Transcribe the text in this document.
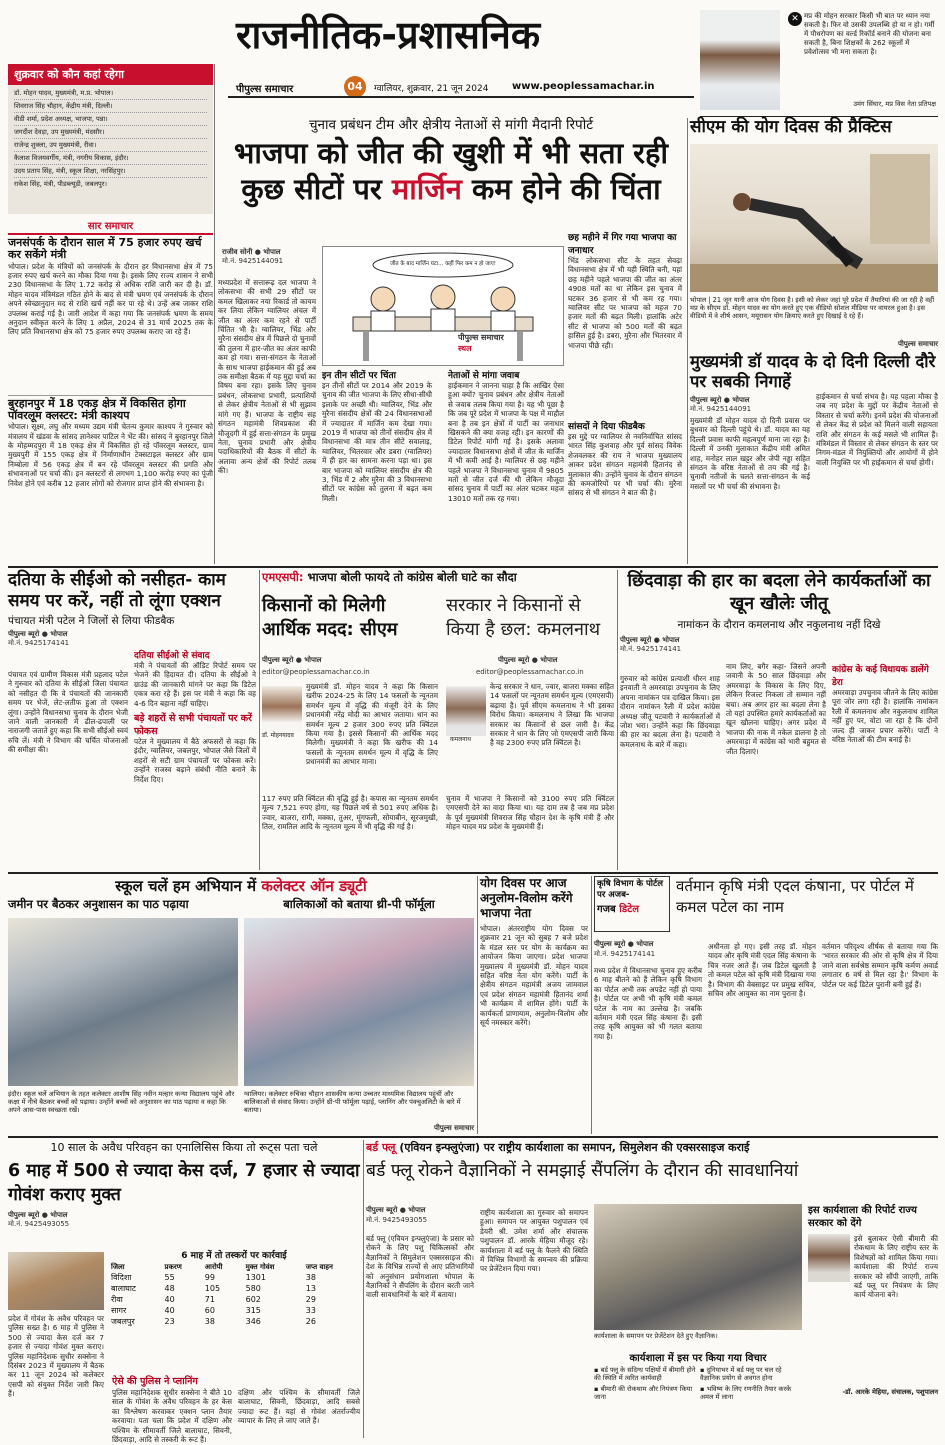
राजनीतिक-प्रशासनिक
पीपुल्स समाचार	04	ग्वालियर, शुक्रवार, 21 जून 2024 www.peoplessamachar.in
शुक्रवार को कौन कहां रहेगा
डॉ. मोहन यादव, मुख्यमंत्री, म.प्र. भोपाल।
शिवराज सिंह चौहान, केंद्रीय मंत्री, दिल्ली।
वीडी शर्मा, प्रदेश अध्यक्ष, भाजपा, पन्ना।
जगदीश देवड़ा, उप मुख्यमंत्री, मंदसौर।
राजेन्द्र शुक्ला, उप मुख्यमंत्री, रीवा।
कैलाश विजयवर्गीय, मंत्री, नगरीय विकास, इंदौर।
उदय प्रताप सिंह, मंत्री, स्कूल शिक्षा, नरसिंहपुर।
राकेश सिंह, मंत्री, पीडब्ल्यूडी, जबलपुर।
✕ मप्र की मोहन सरकार किसी भी बात पर ध्यान नया सकती है। फिर वो उसकी उपलब्धि हो या न हो। गर्मी में पौधरोपण का वर्ल्ड रिकॉर्ड बनाने की योजना बना सकती है, बिना शिक्षकों के 262 स्कूलों में प्रवेशोत्सव भी मना सकता है।
उमंग सिंघार, मप्र विस नेता प्रतिपक्ष
सार समाचार
जनसंपर्क के दौरान साल में 75 हजार रुपए खर्च कर सकेंगे मंत्री
भोपाल। प्रदेश के मंत्रियों को जनसंपर्क के दौरान हर विधानसभा क्षेत्र में 75 हजार रुपए खर्च करने का मौका दिया गया है। इसके लिए राज्य शासन ने सभी 230 विधानसभा के लिए 1.72 करोड़ से अधिक राशि जारी कर दी है। डॉ. मोहन यादव मंत्रिमंडल गठित होने के बाद से मंत्री भ्रमण एवं जनसंपर्क के दौरान अपने स्वेच्छानुदान मद से राशि खर्च नहीं कर पा रहे थे। उन्हें अब जाकर राशि उपलब्ध कराई गई है। जारी आदेश में कहा गया कि जनसंपर्क भ्रमण के समय अनुदान स्वीकृत करने के लिए 1 अप्रैल, 2024 से 31 मार्च 2025 तक के लिए प्रति विधानसभा क्षेत्र को 75 हजार रुपए उपलब्ध कराए जा रहे हैं।
बुरहानपुर में 18 एकड़ क्षेत्र में विकसित होगा पॉवरलूम क्लस्टर: मंत्री काश्यप
भोपाल। सूक्ष्म, लघु और मध्यम उद्यम मंत्री चेतन्य कुमार काश्यप ने गुरुवार को मंत्रालय में खंडवा के सांसद ज्ञानेश्वर पाटिल ने भेंट की। सांसद ने बुरहानपुर जिले के मोहम्मदपुरा में 18 एकड़ क्षेत्र में विकसित हो रहे पॉवरलूम क्लस्टर, ग्राम मुख्यपुरी में 155 एकड़ क्षेत्र में निर्माणाधीन टेक्सटाइल क्लस्टर और ग्राम निम्बोला में 56 एकड़ क्षेत्र में बन रहे पॉवरलूम क्लस्टर की प्रगति और संभावनाओं पर चर्चा की। इन क्लस्टरों से लगभग 1,100 करोड़ रुपए का पूंजी निवेश होने एवं करीब 12 हजार लोगों को रोजगार प्राप्त होने की संभावना है।
चुनाव प्रबंधन टीम और क्षेत्रीय नेताओं से मांगी मैदानी रिपोर्ट
भाजपा को जीत की खुशी में भी सता रही
कुछ सीटों पर मार्जिन कम होने की चिंता
राजीव सोनी ● भोपाल
मो.नं. 9425144091	जीत के बाद मार्जिन घटा... कहीं फिर कम न हो जाए!
पीपुल्स समाचार
स्थल
मध्यप्रदेश में सत्तारूढ़ दल भाजपा ने लोकसभा की सभी 29 सीटों पर कमल खिलाकर नया रिकार्ड तो कायम कर लिया लेकिन ग्वालियर अंचल में जीत का अंतर कम रहने से पार्टी चिंतित भी है। ग्वालियर, भिंड और मुरैना संसदीय क्षेत्र में पिछले दो चुनावों की तुलना में हार-जीत का अंतर काफी कम हो गया। सत्ता-संगठन के नेताओं के साथ भाजपा हाईकमान की हुई अब तक समीक्षा बैठक में यह मुद्दा चर्चा का विषय बना रहा। इसके लिए चुनाव प्रबंधन, लोकसभा प्रभारी, प्रत्याशियों से लेकर क्षेत्रीय नेताओं से भी सुझाव मांगे गए हैं। भाजपा के राष्ट्रीय सह संगठन महामंत्री शिवप्रकाश की मौजूदगी में हुई सत्ता-संगठन के प्रमुख नेता, चुनाव प्रभारी और क्षेत्रीय पदाधिकारियों की बैठक में सीटों के अलावा अन्य क्षेत्रों की रिपोर्ट तलब की।
इन तीन सीटों पर चिंता
इन तीनों सीटों पर 2014 और 2019 के चुनाव की जीत भाजपा के लिए सीधा-सीधी इलाके पर अच्छी थी। ग्वालियर, भिंड और मुरैना संसदीय क्षेत्रों की 24 विधानसभाओं में ज्यादातर में मार्जिन कम देखा गया। 2019 में भाजपा को तीनों संसदीय क्षेत्र में विधानसभा की मात्र तीन सीटें सवालाइ, ग्वालियर, भितरवार और डबरा (ग्वालियर) में ही हार का सामना करना पड़ा था। इस बार भाजपा को ग्वालियर संसदीय क्षेत्र की 3, भिंड में 2 और मुरैना की 3 विधानसभा सीटों पर कांग्रेस को तुलना में बढ़त कम मिली।
नेताओं से मांगा जवाब
हाईकमान ने जानना चाहा है कि आखिर ऐसा हुआ क्यों? चुनाव प्रबंधन और क्षेत्रीय नेताओं से जवाब तलब किया गया है। यह भी पूछा है कि जब पूरे प्रदेश में भाजपा के पक्ष में माहौल बना है तब इन क्षेत्रों में पार्टी का जनाधार खिसकने की क्या वजह रही। इन कारणों की डिटेल रिपोर्ट मांगी गई है। इसके अलावा ज्यादातर विधानसभा क्षेत्रों में जीत के मार्जिन में भी कमी आई है। ग्वालियर से छह महीने पहले भाजपा ने विधानसभा चुनाव में 9805 मतों से जीत दर्ज की थी लेकिन मौजूदा सांसद चुनाव में पार्टी का अंतर घटकर महज 13010 मतों तक रह गया।
छह महीने में गिर गया भाजपा का जनाधार
भिंड लोकसभा सीट के तहत सेवढ़ा विधानसभा क्षेत्र में भी यही स्थिति बनी, यहां छह महीने पहले भाजपा की जीत का अंतर 4908 मतों का था लेकिन इस चुनाव में घटकर 36 हजार से भी कम रह गया। ग्वालियर सीट पर भाजपा को महज 70 हजार मतों की बढ़त मिली। हालांकि अटेर सीट से भाजपा को 500 मतों की बढ़त हासिल हुई है। डबरा, मुरैना और भितरवार में भाजपा पीछे रही।
सांसदों ने दिया फीडबैक
इस मुद्दे पर ग्वालियर से नवनिर्वाचित सांसद भारत सिंह कुशवाह और पूर्व सांसद विवेक शेजवलकर की राय ने भाजपा मुख्यालय आकर प्रदेश संगठन महामंत्री हितानंद से मुलाकात की। उन्होंने चुनाव के दौरान संगठन की कमजोरियों पर भी चर्चा की। मुरैना सांसद से भी संगठन ने बात की है।
सीएम की योग दिवस की प्रैक्टिस
भोपाल | 21 जून यानी आज योग दिवस है। इसी को लेकर जहां पूरे प्रदेश में तैयारियां की जा रही है वहीं मप्र के सीएम डॉ. मोहन यादव का योग करते हुए एक वीडियो सोशल मीडिया पर वायरल हुआ है। इस वीडियो में वे शीर्ष आसन, मयूरासन योग क्रियाएं करते हुए दिखाई दे रहे हैं।
पीपुल्स समाचार
मुख्यमंत्री डॉ यादव के दो दिनी दिल्ली दौरे पर सबकी निगाहें
पीपुल्स ब्यूरो ● भोपाल
मो.नं. 9425144091
मुख्यमंत्री डॉ मोहन यादव दो दिनी प्रवास पर बुधवार को दिल्ली पहुंचे थे। डॉ. यादव का यह दिल्ली प्रवास काफी महत्वपूर्ण माना जा रहा है। दिल्ली में उनकी मुलाकात केंद्रीय मंत्री अमित शाह, मनोहर लाल खट्टर और जेपी नड्डा सहित संगठन के वरिष्ठ नेताओं से तय की गई है। चुनावी नतीजों के चलते सत्ता-संगठन के कई मसलों पर भी चर्चा की संभावना है।
हाईकमान से चर्चा संभव है। यह पहला मौका है जब नए प्रदेश के मुद्दों पर केंद्रीय नेताओं से विस्तार से चर्चा करेंगे। इनमें प्रदेश की योजनाओं से लेकर केंद्र से प्रदेश को मिलने वाली सहायता राशि और संगठन के कई मसले भी शामिल हैं। मंत्रिमंडल में विस्तार से लेकर संगठन के स्तर पर निगम-मंडल में नियुक्तियों और आयोगों में होने वाली नियुक्ति पर भी हाईकमान से चर्चा होगी।
दतिया के सीईओ को नसीहत- काम समय पर करें, नहीं तो लूंगा एक्शन
पंचायत मंत्री पटेल ने जिलों से लिया फीडबैक
पीपुल्स ब्यूरो ● भोपाल
मो.नं. 9425174141
पंचायत एवं ग्रामीण विकास मंत्री प्रहलाद पटेल ने गुरुवार को दतिया के सीईओ जिला पंचायत को नसीहत दी कि वे पंचायतों की जानकारी समय पर भेजें, लेट-लतीफ हुआ तो एक्शन लूंगा। उन्होंने विधानसभा चुनाव के दौरान भेजी जाने वाली जानकारी में ढील-ढपाली पर नाराजगी जताते हुए कहा कि सभी सीईओ स्वयं रुचि लें। मंत्री ने विभाग की चर्चित योजनाओं की समीक्षा की।
दतिया सीईओ से संवाद
मंत्री ने पंचायतों की ऑडिट रिपोर्ट समय पर भेजने की हिदायत दी। दतिया के सीईओ ने ग्राउंड की जानकारी मांगने पर कहा कि डिटेल एकत्र करा रहे हैं। इस पर मंत्री ने कहा कि वह 4-6 दिन बहाना नहीं चाहिए।
बड़े शहरों से सभी पंचायतों पर करें फोकस
पटेल ने मुख्यालय में बैठे अफसरों से कहा कि इंदौर, ग्वालियर, जबलपुर, भोपाल जैसे जिलों में शहरों से सटी ग्राम पंचायतों पर फोकस करें। उन्होंने राजस्व बढ़ाने संबंधी नीति बनाने के निर्देश दिए।
एमएसपी: भाजपा बोली फायदे तो कांग्रेस बोली घाटे का सौदा
किसानों को मिलेगी आर्थिक मदद: सीएम
सरकार ने किसानों से किया है छल: कमलनाथ
पीपुल्स ब्यूरो ● भोपाल
editor@peoplessamachar.co.in
पीपुल्स ब्यूरो ● भोपाल
editor@peoplessamachar.co.in
डॉ. मोहनयादव
मुख्यमंत्री डॉ. मोहन यादव ने कहा कि किसान खरीफ 2024-25 के लिए 14 फसलों के न्यूनतम समर्थन मूल्य में वृद्धि की मंजूरी देने के लिए प्रधानमंत्री नरेंद्र मोदी का आभार जताया। धान का समर्थन मूल्य 2 हजार 300 रुपए प्रति क्विंटल किया गया है। इससे किसानों की आर्थिक मदद मिलेगी। मुख्यमंत्री ने कहा कि खरीफ की 14 फसलों के न्यूनतम समर्थन मूल्य में वृद्धि के लिए प्रधानमंत्री का आभार माना।
117 रुपए प्रति क्विंटल की वृद्धि हुई है। कपास का न्यूनतम समर्थन मूल्य 7,521 रुपए होगा, यह पिछले वर्ष से 501 रुपए अधिक है। ज्वार, बाजरा, रागी, मक्का, तुअर, मूंगफली, सोयाबीन, सूरजमुखी, तिल, रामतिल आदि के न्यूनतम मूल्य में भी वृद्धि की गई है।
कमलनाथ
केन्द्र सरकार ने धान, ज्वार, बाजरा मक्का सहित 14 फसलों पर न्यूनतम समर्थन मूल्य (एमएसपी) बढ़ाया है। पूर्व सीएम कमलनाथ ने भी इसका विरोध किया। कमलनाथ ने लिखा कि भाजपा सरकार का किसानों से छल जारी है। केंद्र सरकार ने धान के लिए जो एमएसपी जारी किया है वह 2300 रुपए प्रति क्विंटल है।
चुनाव में भाजपा ने किसानों को 3100 रुपए प्रति क्विंटल एमएसपी देने का वादा किया था। यह दाम तब है जब मप्र प्रदेश के पूर्व मुख्यमंत्री शिवराज सिंह चौहान देश के कृषि मंत्री हैं और मोहन यादव मप्र प्रदेश के मुख्यमंत्री हैं।
छिंदवाड़ा की हार का बदला लेने कार्यकर्ताओं का खून खौलेः जीतू
नामांकन के दौरान कमलनाथ और नकुलनाथ नहीं दिखे
पीपुल्स ब्यूरो ● भोपाल
मो.नं. 9425174141
गुरुवार को कांग्रेस प्रत्याशी धीरन शाह इनवाती ने अमरवाड़ा उपचुनाव के लिए अपना नामांकन पत्र दाखिल किया। इस दौरान नामांकन रैली में प्रदेश कांग्रेस अध्यक्ष जीतू पटवारी ने कार्यकर्ताओं में जोश भरा। उन्होंने कहा कि छिंदवाड़ा की हार का बदला लेना है। पटवारी ने कमलनाथ के बारे में कहा।
नाम लिए, बगैर कहा- जिसने अपनी जवानी के 50 साल छिंदवाड़ा और अमरवाड़ा के विकास के लिए दिए, लेकिन रिजल्ट निकला तो सम्मान नहीं बचा। अब अगर हार का बदला लेना है तो यहां उपस्थित हमारे कार्यकर्ताओं का खून खौलना चाहिए। अगर प्रदेश में भाजपा की नाक में नकेल डालना है तो अमरवाड़ा में कांग्रेस को भारी बहुमत से जीत दिलाएं।
कांग्रेस के कई विधायक डालेंगे डेरा
अमरवाड़ा उपचुनाव जीतने के लिए कांग्रेस पूरा जोर लगा रही है। हालांकि नामांकन रैली में कमलनाथ और नकुलनाथ शामिल नहीं हुए पर, वोटा जा रहा है कि दोनों जल्द ही जाकर प्रचार करेंगे। पार्टी ने वरिष्ठ नेताओं की टीम बनाई है।
स्कूल चलें हम अभियान में कलेक्टर ऑन ड्यूटी
जमीन पर बैठकर अनुशासन का पाठ पढ़ाया	बालिकाओं को बताया थ्री-पी फॉर्मूला
इंदौर। स्कूल चलें अभियान के तहत कलेक्टर आशीष सिंह नवीन मल्हार कन्या विद्यालय पहुंचे और कक्षा में नीचे बैठकर बच्चों को पढ़ाया। उन्होंने बच्चों को अनुशासन का पाठ पढ़ाया व कहा कि अपने आस-पास स्वच्छता रखें।
ग्वालियर। कलेक्टर रुचिका चौहान शासकीय कन्या उच्चतर माध्यमिक विद्यालय पहुंचीं और बालिकाओं से संवाद किया। उन्होंने थ्री-पी फॉर्मूला पढ़ाई, प्लानिंग और पंक्चुअलिटी के बारे में बताया।
पीपुल्स समाचार
योग दिवस पर आज अनुलोम-विलोम करेंगे भाजपा नेता
भोपाल। अंतरराष्ट्रीय योग दिवस पर शुक्रवार 21 जून को सुबह 7 बजे प्रदेश के मंडल स्तर पर योग के कार्यक्रम का आयोजन किया जाएगा। प्रदेश भाजपा मुख्यालय में मुख्यमंत्री डॉ. मोहन यादव सहित वरिष्ठ नेता योग करेंगे। पार्टी के क्षेत्रीय संगठन महामंत्री अजय जामवाल एवं प्रदेश संगठन महामंत्री हितानंद शर्मा भी कार्यक्रम में शामिल होंगे। पार्टी के कार्यकर्ता प्राणायाम, अनुलोम-विलोम और सूर्य नमस्कार करेंगे।
कृषि विभाग के पोर्टल पर अजब-
गजब डिटेल
वर्तमान कृषि मंत्री एदल कंषाना, पर पोर्टल में कमल पटेल का नाम
पीपुल्स ब्यूरो ● भोपाल
मो.नं. 9425174141
मध्य प्रदेश में विधानसभा चुनाव हुए करीब 6 माह बीतने को हैं लेकिन कृषि विभाग का पोर्टल अभी तक अपडेट नहीं हो पाया है। पोर्टल पर अभी भी कृषि मंत्री कमल पटेल के नाम का उल्लेख है। जबकि वर्तमान मंत्री एदल सिंह कंषाना हैं। इसी तरह कृषि आयुक्त को भी गलत बताया गया है।
अधीनता हो गए। इसी तरह डॉ. मोहन यादव और कृषि मंत्री एदल सिंह कंषाना के चित्र नजर आते हैं। जब डिटेल खुलती है तो कमल पटेल को कृषि मंत्री दिखाया गया है। विभाग की वेबसाइट पर प्रमुख सचिव, सचिव और आयुक्त का नाम पुराना है।
वर्तमान परिदृश्य शीर्षक से बताया गया कि 'भारत सरकार की ओर से कृषि क्षेत्र में दिया जाने वाला सर्वश्रेष्ठ सम्मान कृषि कर्मण अवार्ड लगातार 6 वर्ष से मिल रहा है।' विभाग के पोर्टल पर कई डिटेल पुरानी बनी हुई हैं।
10 साल के अवैध परिवहन का एनालिसिस किया तो रूट्स पता चले
6 माह में 500 से ज्यादा केस दर्ज, 7 हजार से ज्यादा गोवंश कराए मुक्त
पीपुल्स ब्यूरो ● भोपाल
मो.नं. 9425493055
प्रदेश में गोवंश के अवैध परिवहन पर पुलिस सख्त है। 6 माह में पुलिस ने 500 से ज्यादा केस दर्ज कर 7 हजार से ज्यादा गोवंश मुक्त कराए। पुलिस महानिदेशक सुधीर सक्सेना ने दिसंबर 2023 में मुख्यालय में बैठक कर 11 जून 2024 को कलेक्टर एसपी को संयुक्त निर्देश जारी किए हैं।
6 माह में तो तस्करों पर कार्रवाई
जिला	प्रकरण	आरोपी	मुक्त गोवंश	जप्त वाहन
विदिशा	55	99	1301	38
बालाघाट	48	105	580	13
रीवा	40	71	602	29
सागर	40	60	315	33
जबलपुर	23	38	346	26
ऐसे की पुलिस ने प्लानिंग
पुलिस महानिदेशक सुधीर सक्सेना ने बीते 10 साल के गोवंश के अवैध परिवहन के हर केस का विश्लेषण करवाकर एक्शन प्लान तैयार करवाया। पता चला कि प्रदेश में दक्षिण और पश्चिम के सीमावर्ती जिले बालाघाट, सिवनी, छिंदवाड़ा, आदि से तस्करी के रूट हैं।
दक्षिण और पश्चिम के सीमावर्ती जिले बालाघाट, सिवनी, छिंदवाड़ा, आदि सबसे ज्यादा रूट हैं। यहां से गोवंश अंतर्राज्यीय व्यापार के लिए ले जाए जाते हैं।
बर्ड फ्लू (एवियन इन्फ्लुएंजा) पर राष्ट्रीय कार्यशाला का समापन, सिमुलेशन की एक्सरसाइज कराई
बर्ड फ्लू रोकने वैज्ञानिकों ने समझाई सैंपलिंग के दौरान की सावधानियां
पीपुल्स ब्यूरो ● भोपाल
मो.नं. 9425493055
बर्ड फ्लू (एवियन इन्फ्लुएंजा) के प्रसार को रोकने के लिए पशु चिकित्सकों और वैज्ञानिकों ने सिमुलेशन एक्सरसाइज की। देश के विभिन्न राज्यों से आए प्रतिभागियों को अनुसंधान प्रयोगशाला भोपाल के वैज्ञानिकों ने सैंपलिंग के दौरान बरती जाने वाली सावधानियों के बारे में बताया।
राष्ट्रीय कार्यशाला का गुरुवार को समापन हुआ। समापन पर आयुक्त पशुपालन एवं डेयरी श्री. उमेश शर्मा और संचालक पशुपालन डॉ. आरके मेहिया मौजूद रहे। कार्यशाला में बर्ड फ्लू के फैलने की स्थिति में विभिन्न विभागों के समन्वय की प्रक्रिया पर प्रेजेंटेशन दिया गया।
कार्यशाला के समापन पर प्रेजेंटेशन देते हुए वैज्ञानिक।
कार्यशाला में इस पर किया गया विचार
▪ बर्ड फ्लू के संदिग्ध पक्षियों में बीमारी होने की स्थिति में त्वरित कार्यवाही
▪ बीमारी की रोकथाम और नियंत्रण किया जाना
▪ दुनियाभर में बर्ड फ्लू पर चल रहे वैज्ञानिक प्रयोग से अवगत होना
▪ भविष्य के लिए रणनीति तैयार करके अमल में लाना
इस कार्यशाला की रिपोर्ट राज्य सरकार को देंगे
इसे बुलाकर ऐसी बीमारी की रोकथाम के लिए राष्ट्रीय स्तर के विशेषज्ञों को शामिल किया गया। कार्यशाला की रिपोर्ट राज्य सरकार को सौंपी जाएगी, ताकि बर्ड फ्लू पर नियंत्रण के लिए कार्य योजना बने।
-डॉ. आरके मेहिया, संचालक, पशुपालन
